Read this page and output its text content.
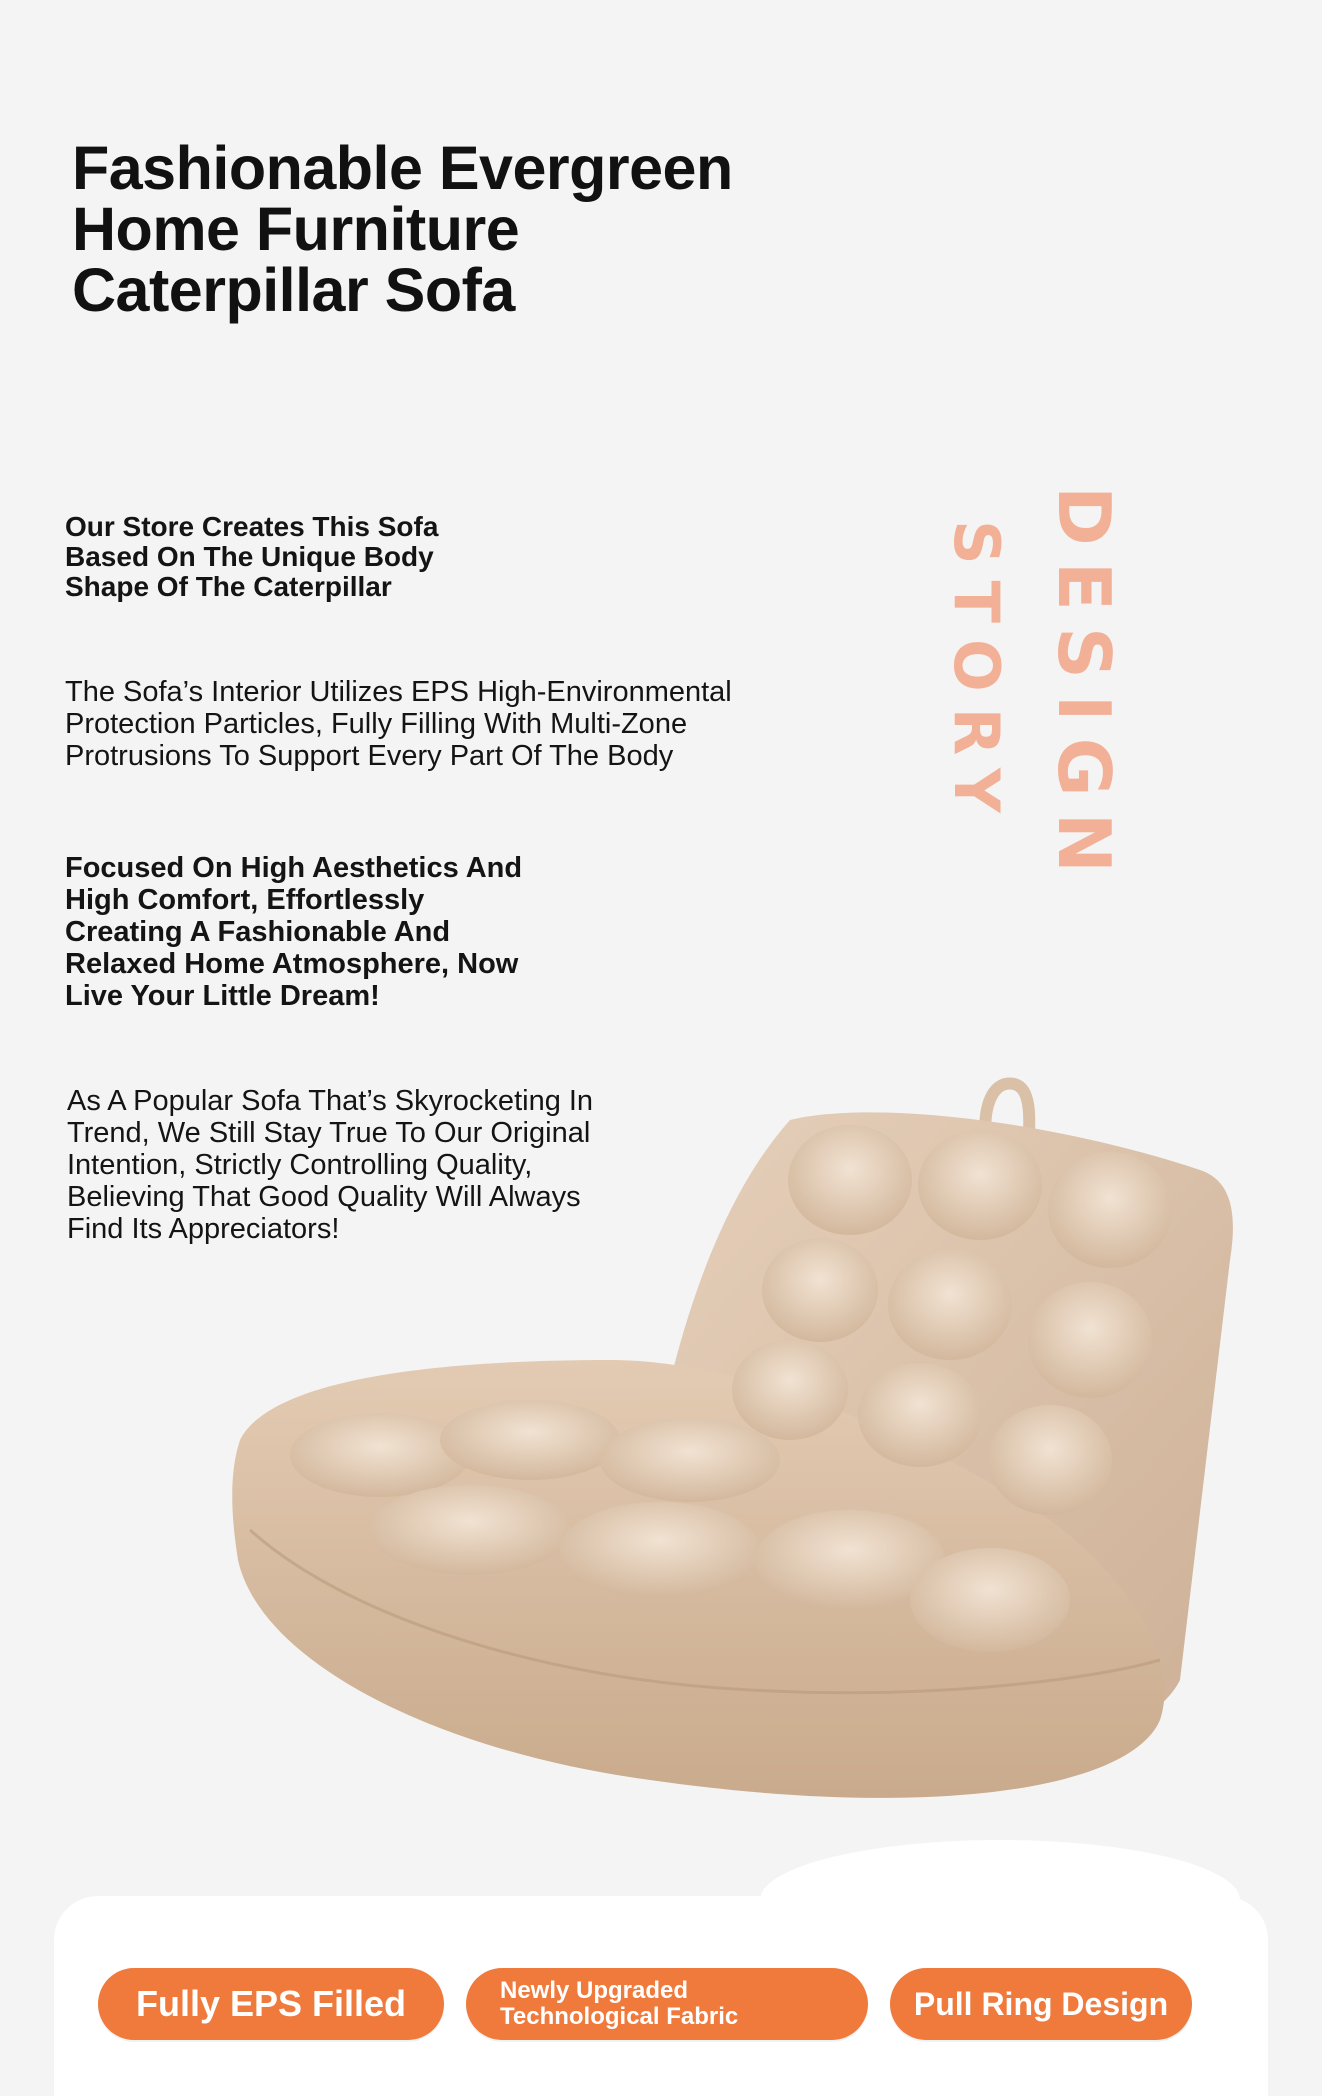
Fashionable Evergreen
Home Furniture
Caterpillar Sofa
Our Store Creates This Sofa
Based On The Unique Body
Shape Of The Caterpillar
The Sofa’s Interior Utilizes EPS High-Environmental
Protection Particles, Fully Filling With Multi-Zone
Protrusions To Support Every Part Of The Body
Focused On High Aesthetics And
High Comfort, Effortlessly
Creating A Fashionable And
Relaxed Home Atmosphere, Now
Live Your Little Dream!
As A Popular Sofa That’s Skyrocketing In
Trend, We Still Stay True To Our Original
Intention, Strictly Controlling Quality,
Believing That Good Quality Will Always
Find Its Appreciators!
DESIGN
STORY
Fully EPS Filled	Newly Upgraded
Technological Fabric	Pull Ring Design
